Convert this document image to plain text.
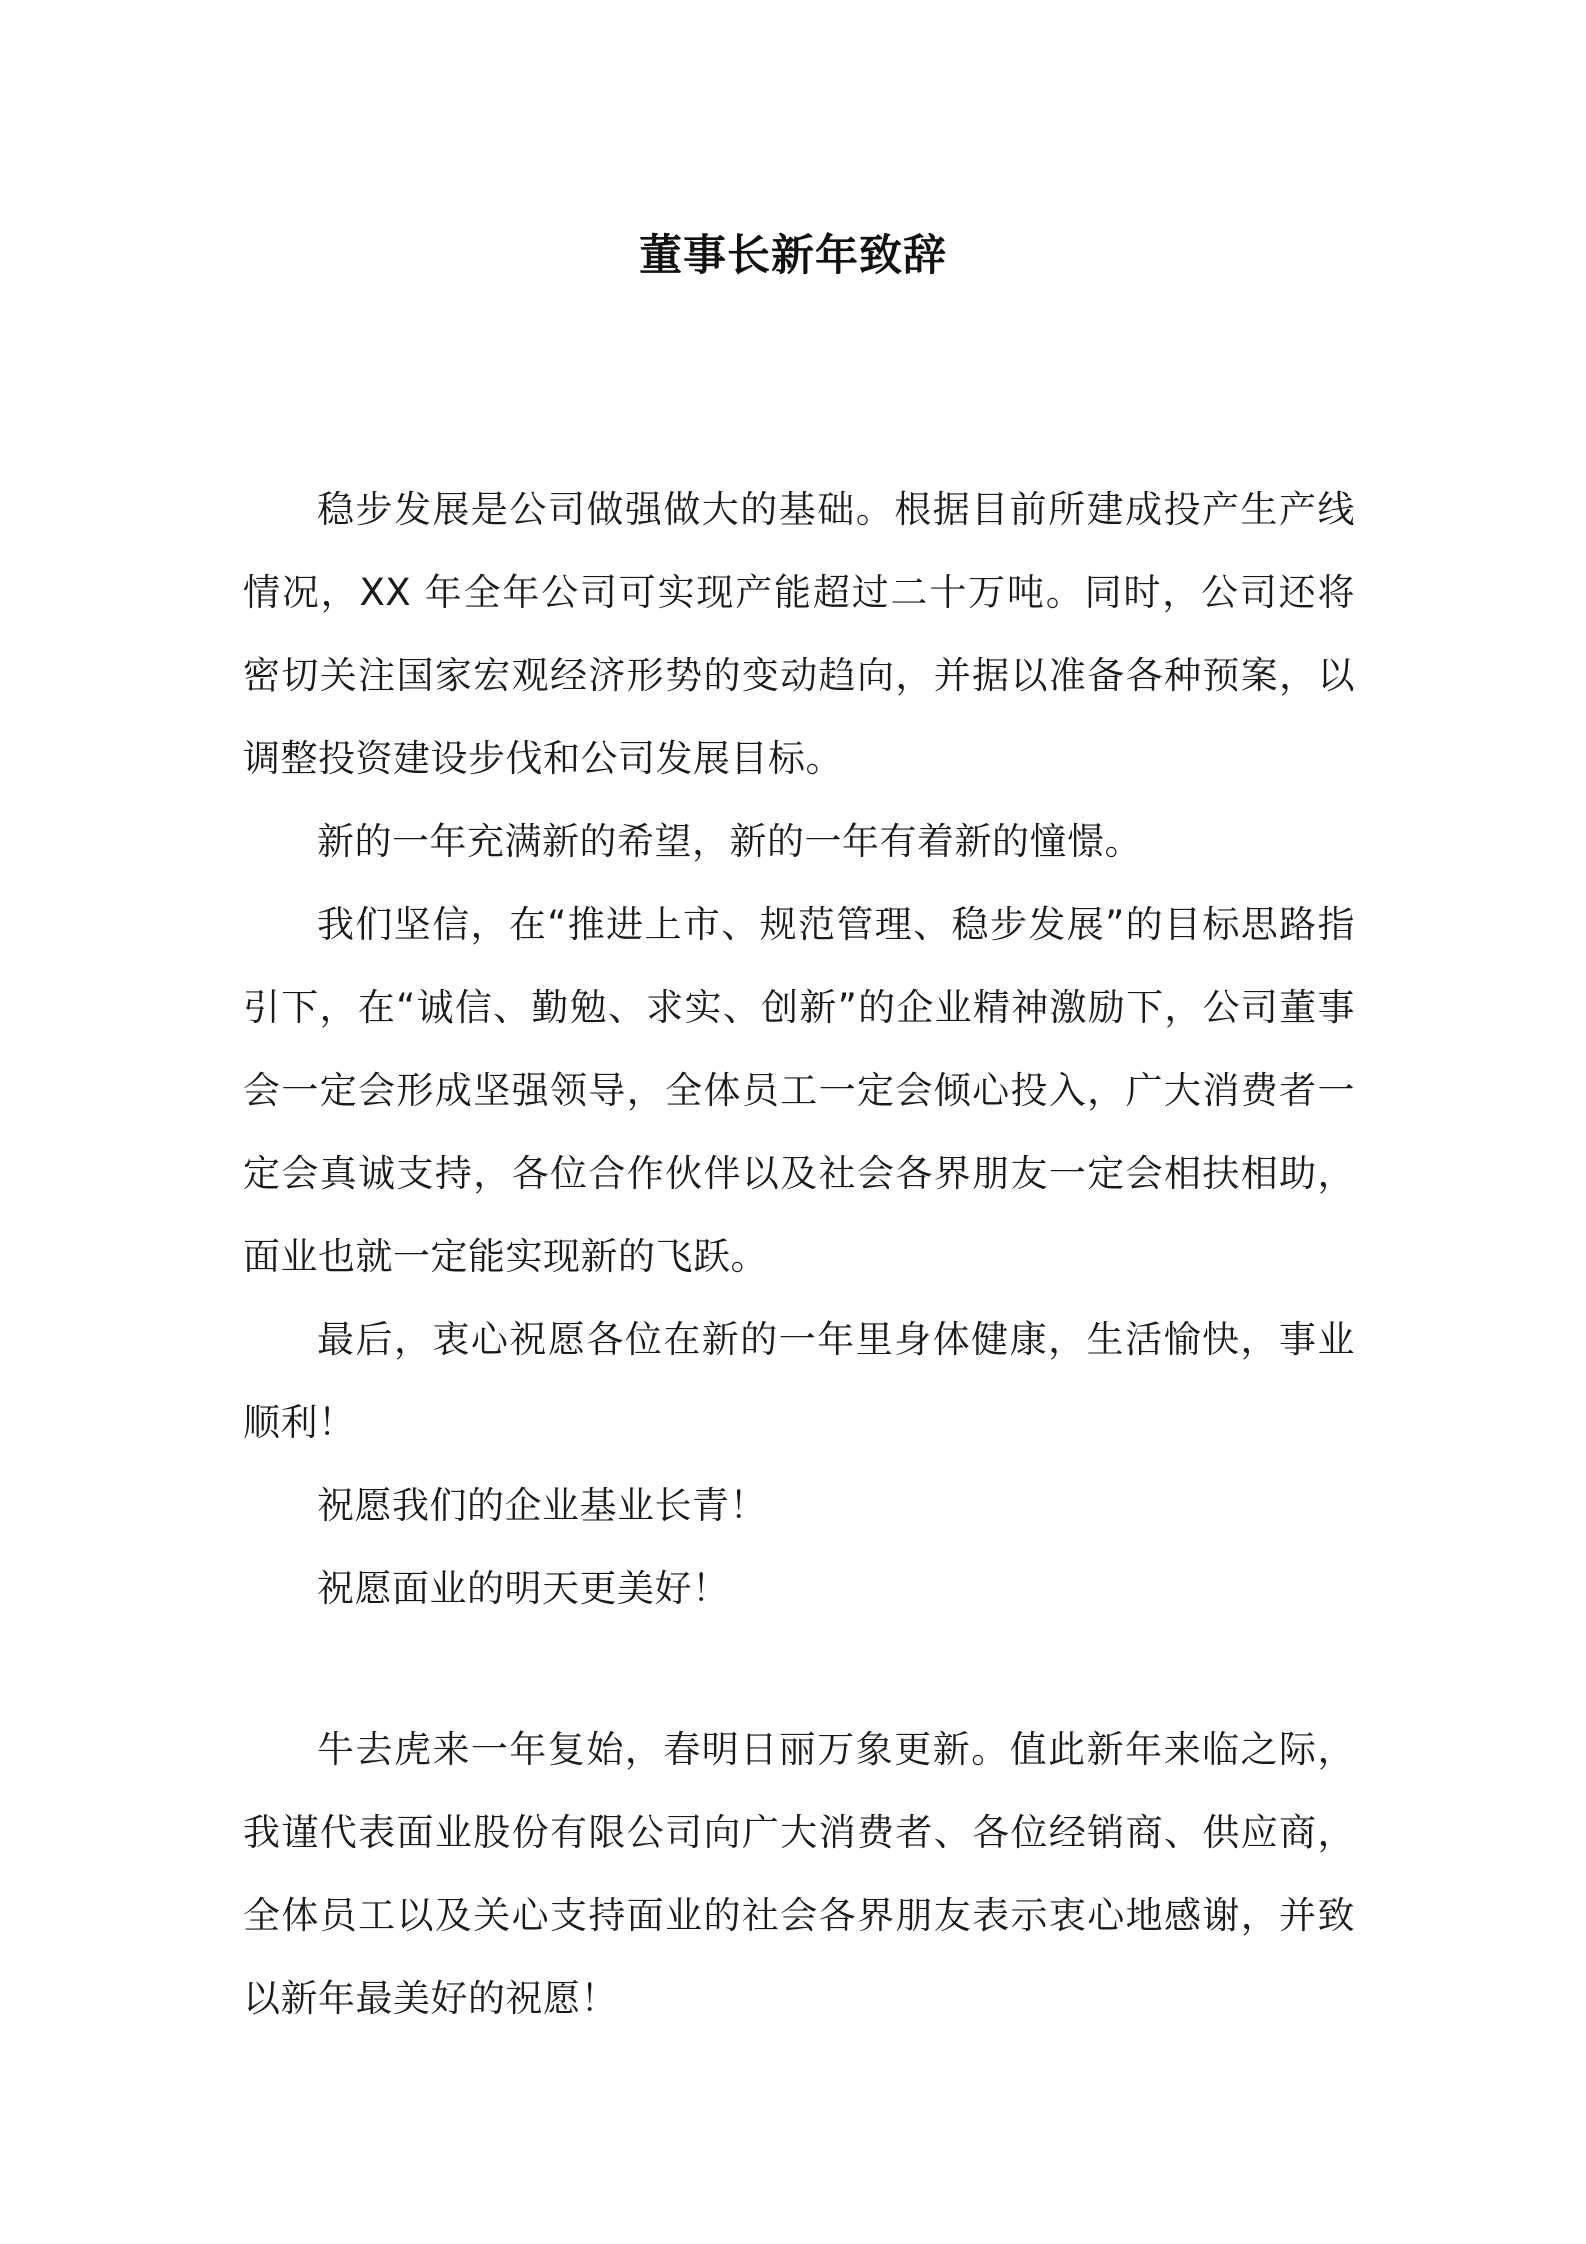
董事长新年致辞

稳步发展是公司做强做大的基础。根据目前所建成投产生产线情况，XX 年全年公司可实现产能超过二十万吨。同时，公司还将密切关注国家宏观经济形势的变动趋向，并据以准备各种预案，以调整投资建设步伐和公司发展目标。

新的一年充满新的希望，新的一年有着新的憧憬。

我们坚信，在“推进上市、规范管理、稳步发展”的目标思路指引下，在“诚信、勤勉、求实、创新”的企业精神激励下，公司董事会一定会形成坚强领导，全体员工一定会倾心投入，广大消费者一定会真诚支持，各位合作伙伴以及社会各界朋友一定会相扶相助，面业也就一定能实现新的飞跃。

最后，衷心祝愿各位在新的一年里身体健康，生活愉快，事业顺利！

祝愿我们的企业基业长青！

祝愿面业的明天更美好！

牛去虎来一年复始，春明日丽万象更新。值此新年来临之际，我谨代表面业股份有限公司向广大消费者、各位经销商、供应商，全体员工以及关心支持面业的社会各界朋友表示衷心地感谢，并致以新年最美好的祝愿！
